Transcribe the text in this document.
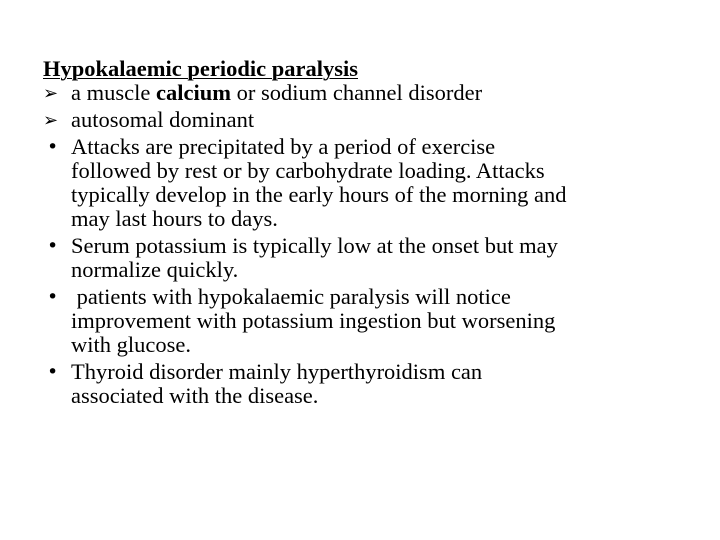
Hypokalaemic periodic paralysis

➢ a muscle calcium or sodium channel disorder
➢ autosomal dominant
• Attacks are precipitated by a period of exercise
followed by rest or by carbohydrate loading. Attacks
typically develop in the early hours of the morning and
may last hours to days.
• Serum potassium is typically low at the onset but may
normalize quickly.
• patients with hypokalaemic paralysis will notice
improvement with potassium ingestion but worsening
with glucose.
• Thyroid disorder mainly hyperthyroidism can
associated with the disease.
